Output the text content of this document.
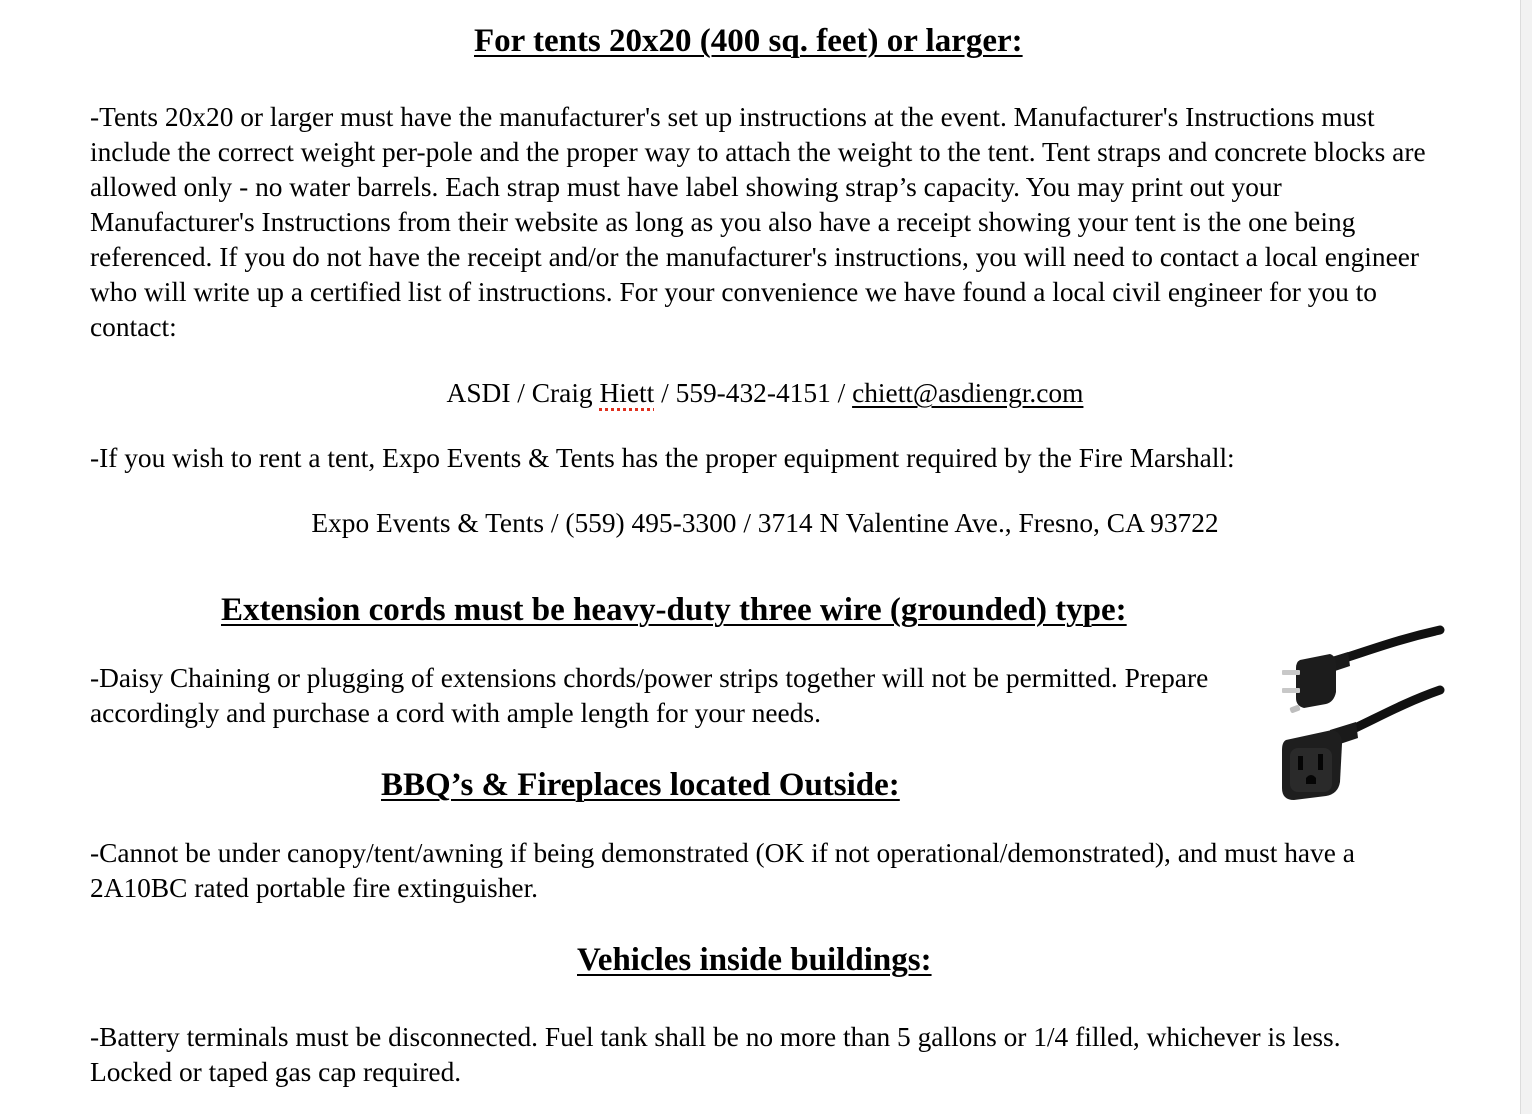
For tents 20x20 (400 sq. feet) or larger:
-Tents 20x20 or larger must have the manufacturer's set up instructions at the event. Manufacturer's Instructions must include the correct weight per-pole and the proper way to attach the weight to the tent. Tent straps and concrete blocks are allowed only - no water barrels. Each strap must have label showing strap’s capacity. You may print out your Manufacturer's Instructions from their website as long as you also have a receipt showing your tent is the one being referenced. If you do not have the receipt and/or the manufacturer's instructions, you will need to contact a local engineer who will write up a certified list of instructions. For your convenience we have found a local civil engineer for you to contact:
ASDI / Craig Hiett / 559-432-4151 / chiett@asdiengr.com
-If you wish to rent a tent, Expo Events & Tents has the proper equipment required by the Fire Marshall:
Expo Events & Tents / (559) 495-3300 / 3714 N Valentine Ave., Fresno, CA 93722
Extension cords must be heavy-duty three wire (grounded) type:
-Daisy Chaining or plugging of extensions chords/power strips together will not be permitted. Prepare accordingly and purchase a cord with ample length for your needs.
BBQ’s & Fireplaces located Outside:
-Cannot be under canopy/tent/awning if being demonstrated (OK if not operational/demonstrated), and must have a 2A10BC rated portable fire extinguisher.
Vehicles inside buildings:
-Battery terminals must be disconnected. Fuel tank shall be no more than 5 gallons or 1/4 filled, whichever is less. Locked or taped gas cap required.
